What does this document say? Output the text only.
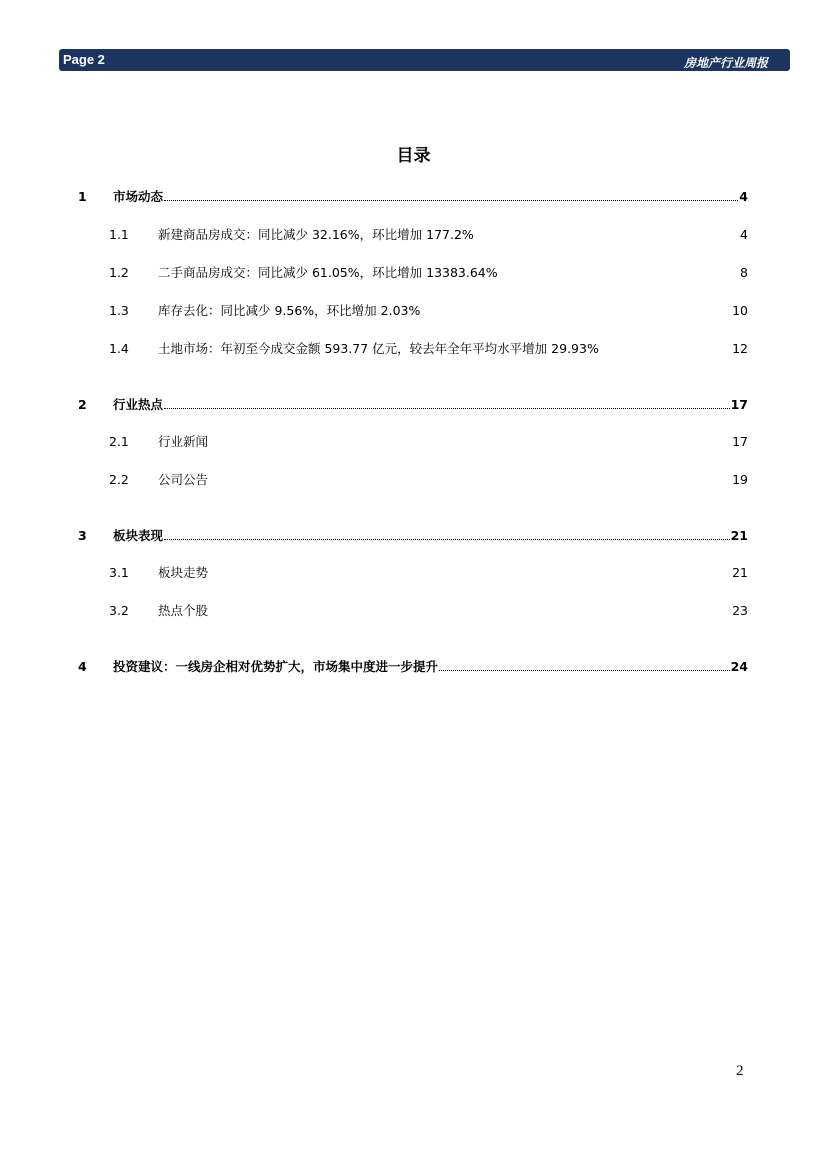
Page 2	房地产行业周报
目录
1	市场动态	4
1.1	新建商品房成交：同比减少 32.16%，环比增加 177.2%	4
1.2	二手商品房成交：同比减少 61.05%，环比增加 13383.64%	8
1.3	库存去化：同比减少 9.56%，环比增加 2.03%	10
1.4	土地市场：年初至今成交金额 593.77 亿元，较去年全年平均水平增加 29.93%	12
2	行业热点	17
2.1	行业新闻	17
2.2	公司公告	19
3	板块表现	21
3.1	板块走势	21
3.2	热点个股	23
4	投资建议：一线房企相对优势扩大，市场集中度进一步提升	24
2
